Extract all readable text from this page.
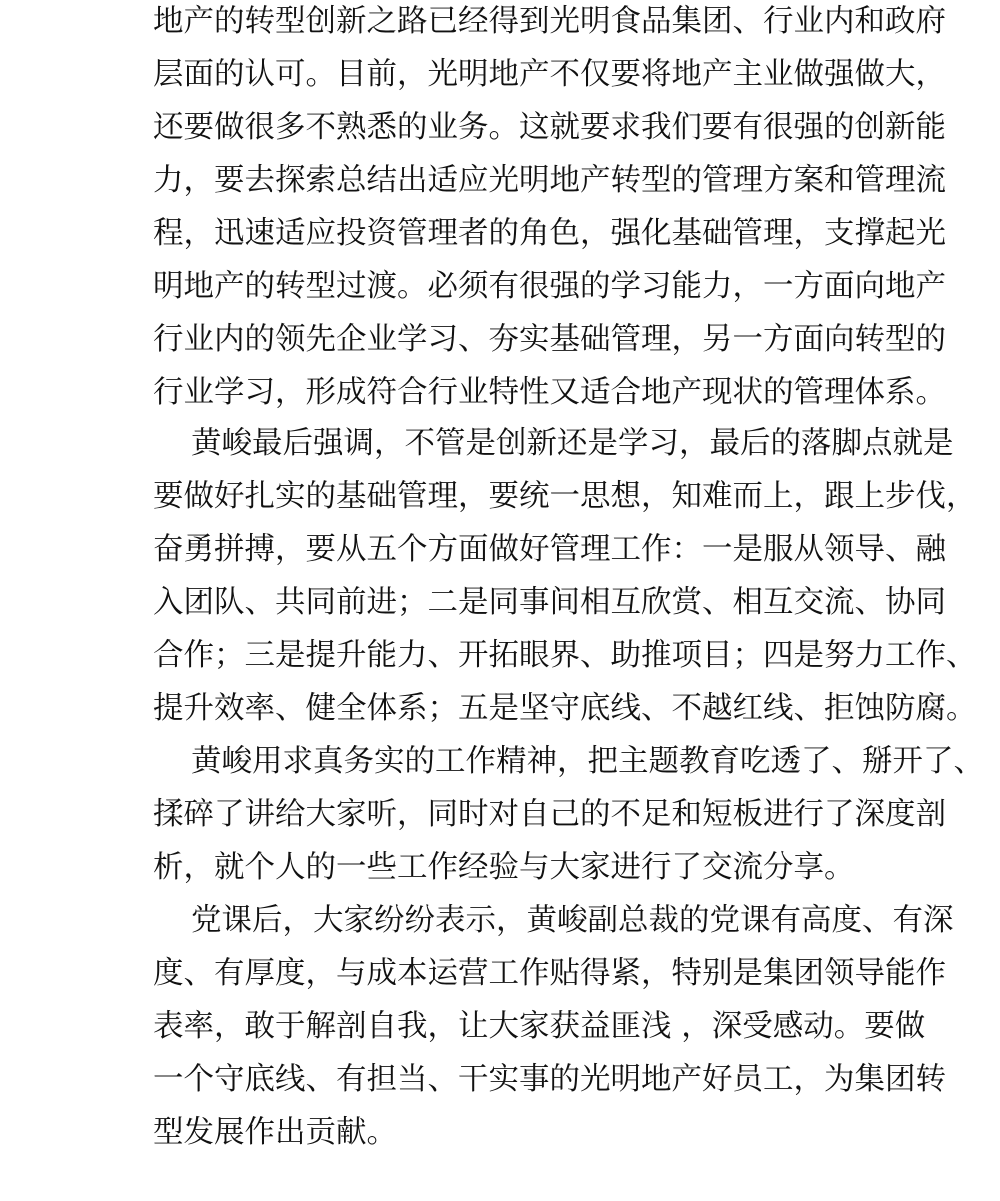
地产的转型创新之路已经得到光明食品集团、行业内和政府
层面的认可。目前，光明地产不仅要将地产主业做强做大，
还要做很多不熟悉的业务。这就要求我们要有很强的创新能
力，要去探索总结出适应光明地产转型的管理方案和管理流
程，迅速适应投资管理者的角色，强化基础管理，支撑起光
明地产的转型过渡。必须有很强的学习能力，一方面向地产
行业内的领先企业学习、夯实基础管理，另一方面向转型的
行业学习，形成符合行业特性又适合地产现状的管理体系。
黄峻最后强调，不管是创新还是学习，最后的落脚点就是
要做好扎实的基础管理，要统一思想，知难而上，跟上步伐，
奋勇拼搏，要从五个方面做好管理工作：一是服从领导、融
入团队、共同前进；二是同事间相互欣赏、相互交流、协同
合作；三是提升能力、开拓眼界、助推项目；四是努力工作、
提升效率、健全体系；五是坚守底线、不越红线、拒蚀防腐。
黄峻用求真务实的工作精神，把主题教育吃透了、掰开了、
揉碎了讲给大家听，同时对自己的不足和短板进行了深度剖
析，就个人的一些工作经验与大家进行了交流分享。
党课后，大家纷纷表示，黄峻副总裁的党课有高度、有深
度、有厚度，与成本运营工作贴得紧，特别是集团领导能作
表率，敢于解剖自我，让大家获益匪浅 ，深受感动。要做
一个守底线、有担当、干实事的光明地产好员工，为集团转
型发展作出贡献。
